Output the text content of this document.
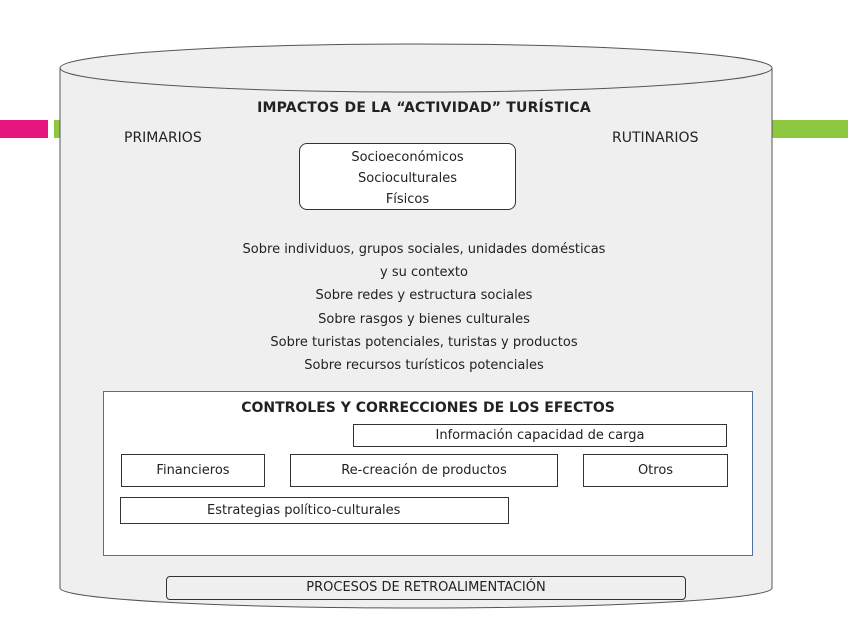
IMPACTOS DE LA “ACTIVIDAD” TURÍSTICA
PRIMARIOS	RUTINARIOS
Socioeconómicos
Socioculturales
Físicos
Sobre individuos, grupos sociales, unidades domésticas
y su contexto
Sobre redes y estructura sociales
Sobre rasgos y bienes culturales
Sobre turistas potenciales, turistas y productos
Sobre recursos turísticos potenciales
CONTROLES Y CORRECCIONES DE LOS EFECTOS
Información capacidad de carga
Financieros	Re-creación de productos	Otros
Estrategias político-culturales
PROCESOS DE RETROALIMENTACIÓN
